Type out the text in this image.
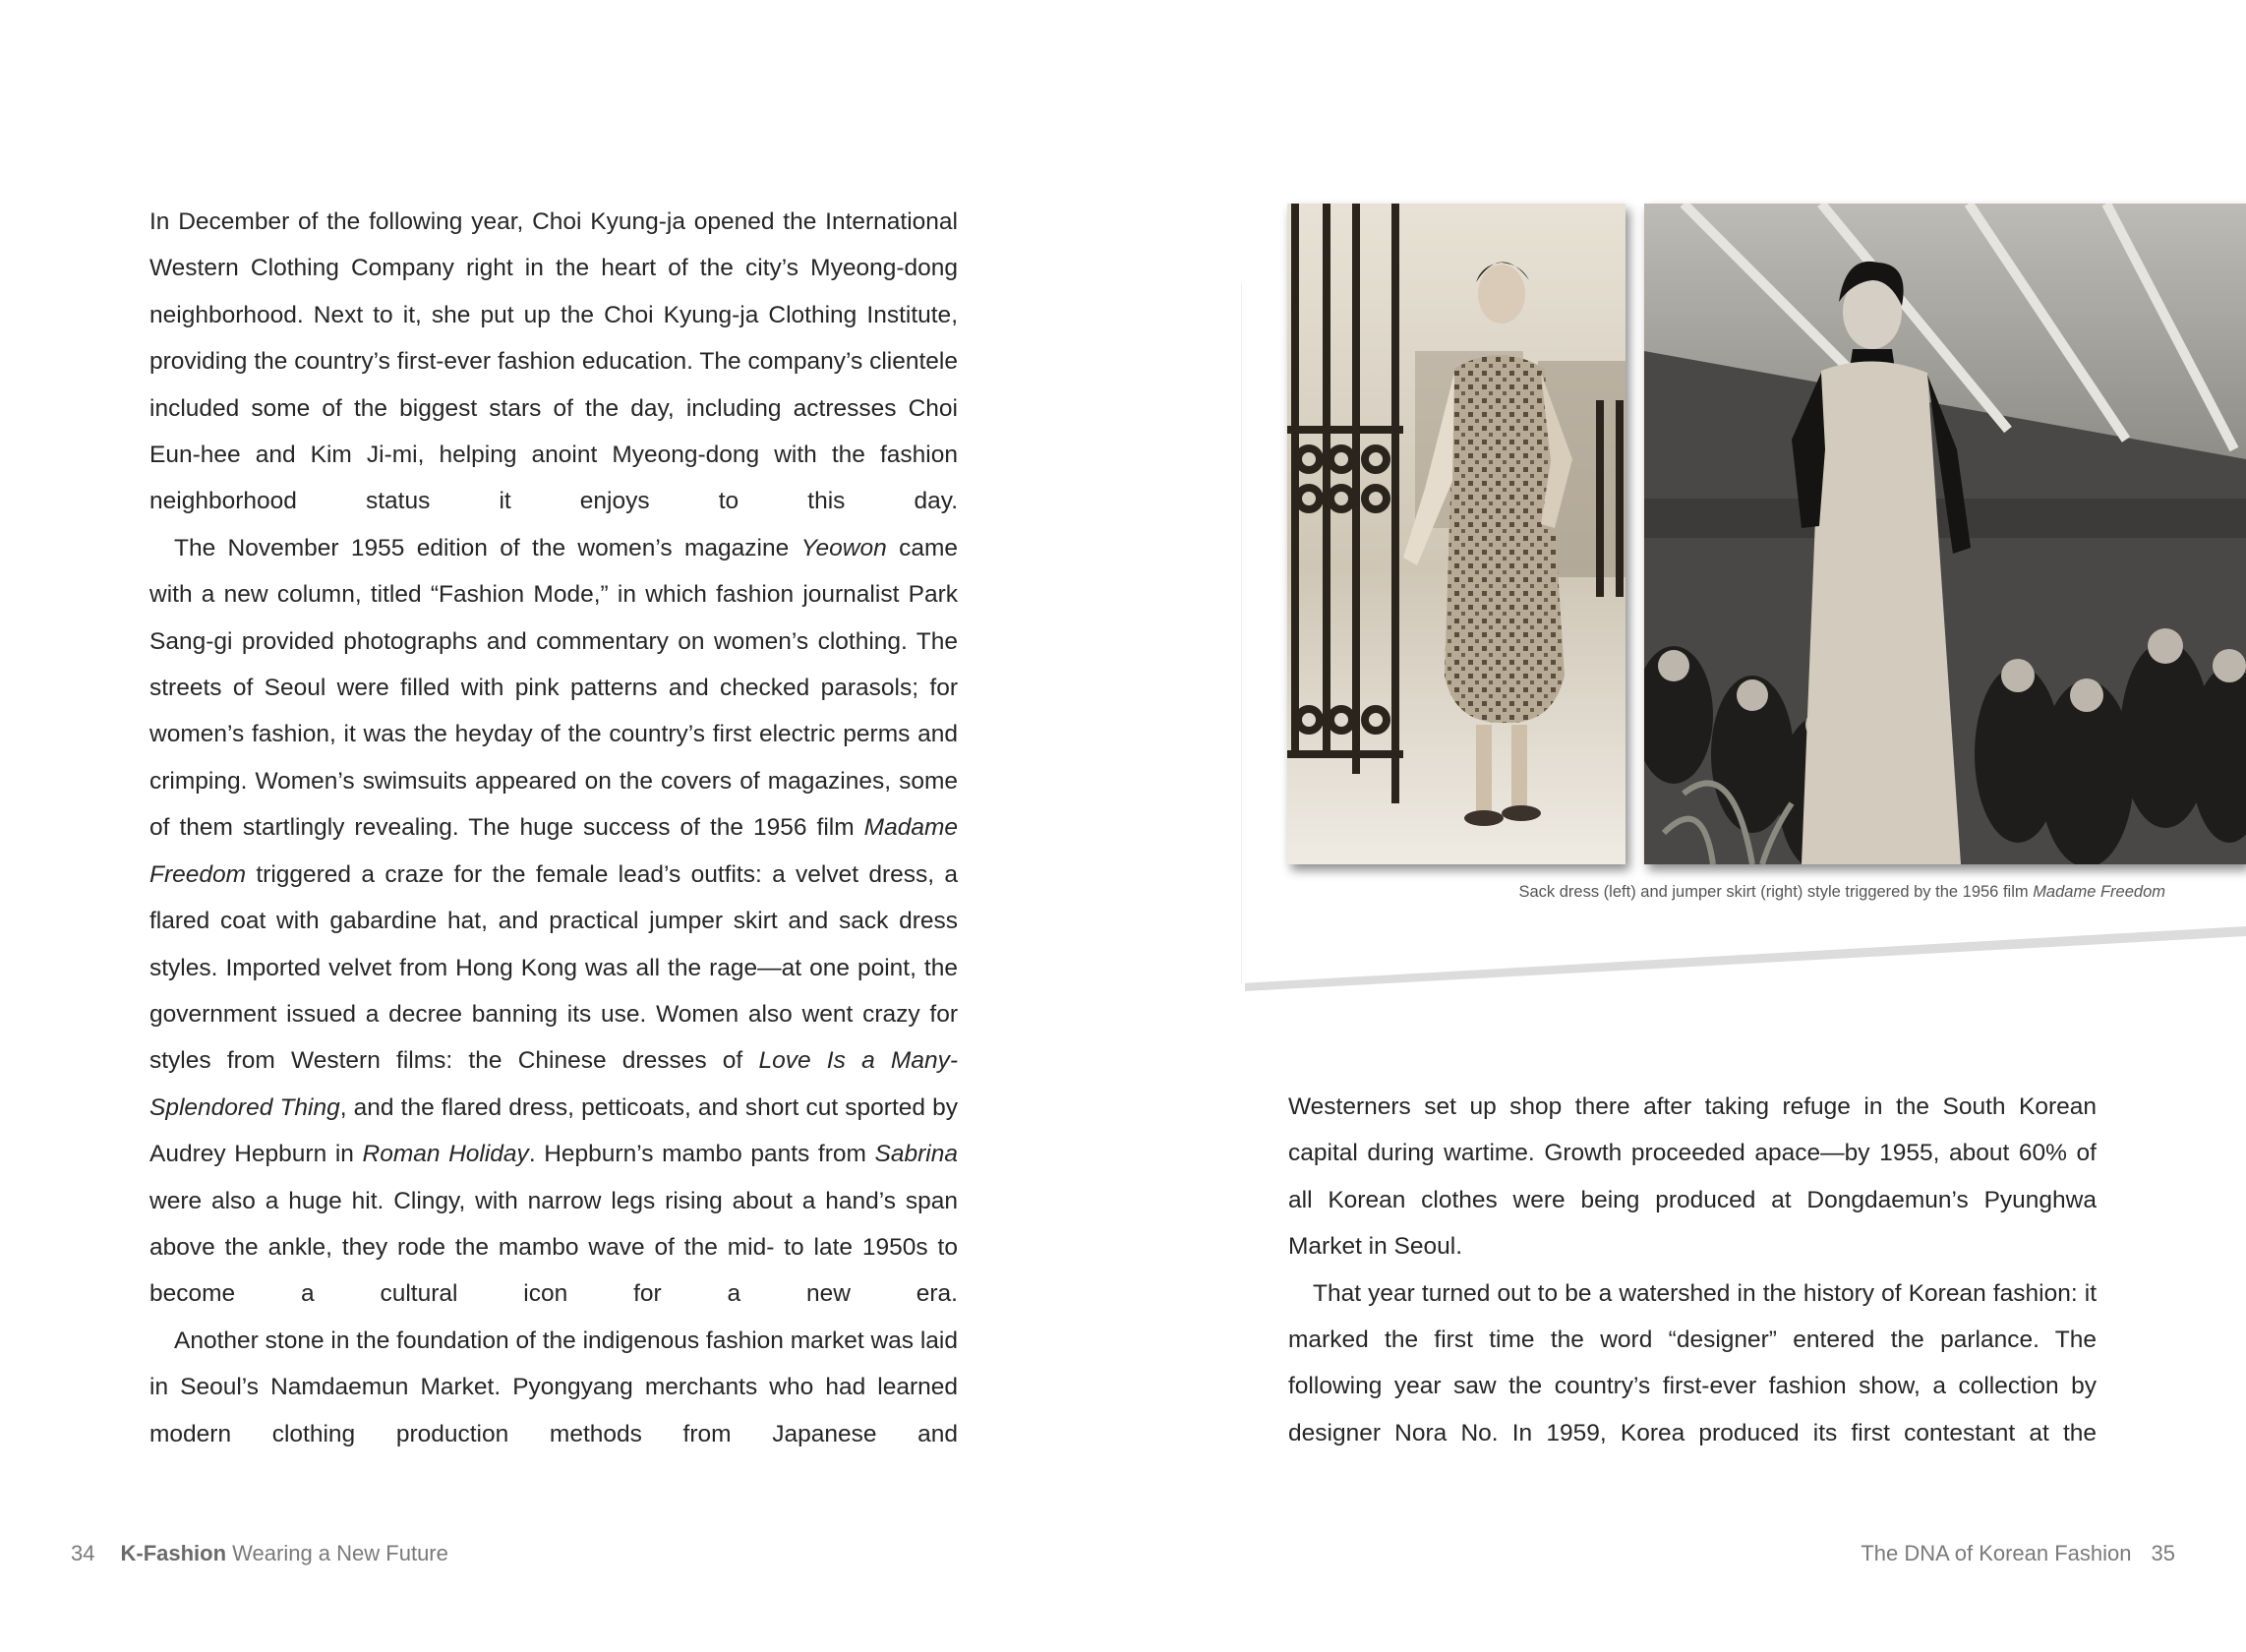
In December of the following year, Choi Kyung-ja opened the International Western Clothing Company right in the heart of the city’s Myeong-dong neighborhood. Next to it, she put up the Choi Kyung-ja Clothing Institute, providing the country’s first-ever fashion education. The company’s clientele included some of the biggest stars of the day, including actresses Choi Eun-hee and Kim Ji-mi, helping anoint Myeong-dong with the fashion neighborhood status it enjoys to this day.

The November 1955 edition of the women’s magazine Yeowon came with a new column, titled “Fashion Mode,” in which fashion journalist Park Sang-gi provided photographs and commentary on women’s clothing. The streets of Seoul were filled with pink patterns and checked parasols; for women’s fashion, it was the heyday of the country’s first electric perms and crimping. Women’s swimsuits appeared on the covers of magazines, some of them startlingly revealing. The huge success of the 1956 film Madame Freedom triggered a craze for the female lead’s outfits: a velvet dress, a flared coat with gabardine hat, and practical jumper skirt and sack dress styles. Imported velvet from Hong Kong was all the rage—at one point, the government issued a decree banning its use. Women also went crazy for styles from Western films: the Chinese dresses of Love Is a Many-Splendored Thing, and the flared dress, petticoats, and short cut sported by Audrey Hepburn in Roman Holiday. Hepburn’s mambo pants from Sabrina were also a huge hit. Clingy, with narrow legs rising about a hand’s span above the ankle, they rode the mambo wave of the mid- to late 1950s to become a cultural icon for a new era.

Another stone in the foundation of the indigenous fashion market was laid in Seoul’s Namdaemun Market. Pyongyang merchants who had learned modern clothing production methods from Japanese and

Sack dress (left) and jumper skirt (right) style triggered by the 1956 film Madame Freedom

Westerners set up shop there after taking refuge in the South Korean capital during wartime. Growth proceeded apace—by 1955, about 60% of all Korean clothes were being produced at Dongdaemun’s Pyunghwa Market in Seoul.

That year turned out to be a watershed in the history of Korean fashion: it marked the first time the word “designer” entered the parlance. The following year saw the country’s first-ever fashion show, a collection by designer Nora No. In 1959, Korea produced its first contestant at the

34 K-Fashion Wearing a New Future	The DNA of Korean Fashion 35
